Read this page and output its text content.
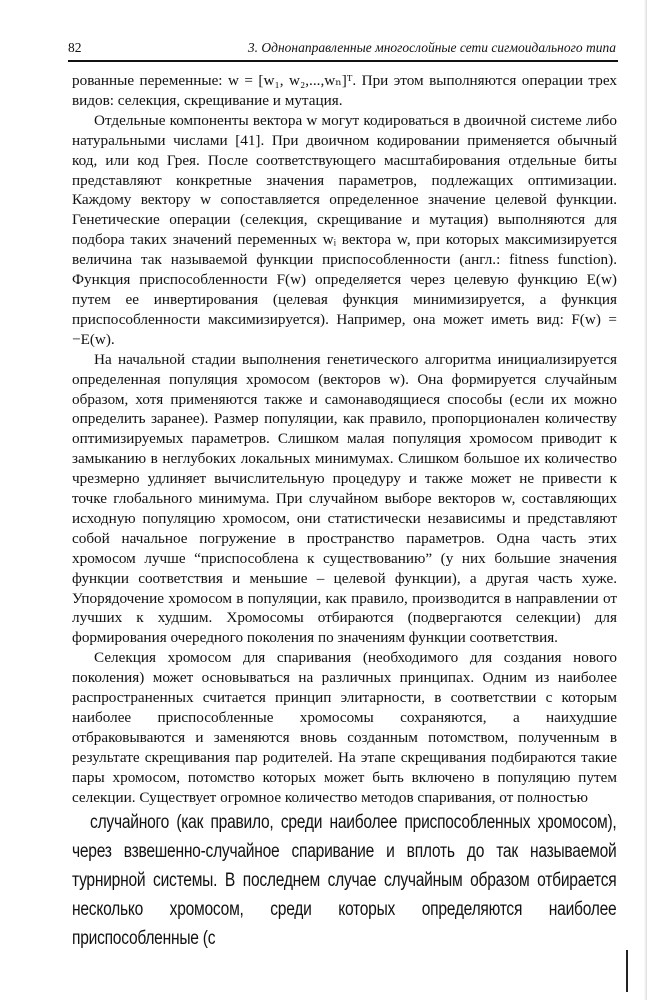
82	3. Однонаправленные многослойные сети сигмоидального типа

рованные переменные: w = [w₁, w₂,...,wₙ]ᵀ. При этом выполняются операции трех видов: селекция, скрещивание и мутация.

Отдельные компоненты вектора w могут кодироваться в двоичной системе либо натуральными числами [41]. При двоичном кодировании применяется обычный код, или код Грея. После соответствующего масштабирования отдельные биты представляют конкретные значения параметров, подлежащих оптимизации. Каждому вектору w сопоставляется определенное значение целевой функции. Генетические операции (селекция, скрещивание и мутация) выполняются для подбора таких значений переменных wᵢ вектора w, при которых максимизируется величина так называемой функции приспособленности (англ.: fitness function). Функция приспособленности F(w) определяется через целевую функцию E(w) путем ее инвертирования (целевая функция минимизируется, а функция приспособленности максимизируется). Например, она может иметь вид: F(w) = −E(w).

На начальной стадии выполнения генетического алгоритма инициализируется определенная популяция хромосом (векторов w). Она формируется случайным образом, хотя применяются также и самонаводящиеся способы (если их можно определить заранее). Размер популяции, как правило, пропорционален количеству оптимизируемых параметров. Слишком малая популяция хромосом приводит к замыканию в неглубоких локальных минимумах. Слишком большое их количество чрезмерно удлиняет вычислительную процедуру и также может не привести к точке глобального минимума. При случайном выборе векторов w, составляющих исходную популяцию хромосом, они статистически независимы и представляют собой начальное погружение в пространство параметров. Одна часть этих хромосом лучше “приспособлена к существованию” (у них большие значения функции соответствия и меньшие – целевой функции), а другая часть хуже. Упорядочение хромосом в популяции, как правило, производится в направлении от лучших к худшим. Хромосомы отбираются (подвергаются селекции) для формирования очередного поколения по значениям функции соответствия.

Селекция хромосом для спаривания (необходимого для создания нового поколения) может основываться на различных принципах. Одним из наиболее распространенных считается принцип элитарности, в соответствии с которым наиболее приспособленные хромосомы сохраняются, а наихудшие отбраковываются и заменяются вновь созданным потомством, полученным в результате скрещивания пар родителей. На этапе скрещивания подбираются такие пары хромосом, потомство которых может быть включено в популяцию путем селекции. Существует огромное количество методов спаривания, от полностью
случайного (как правило, среди наиболее приспособленных хромосом), через взвешенно-случайное спаривание и вплоть до так называемой турнирной системы. В последнем случае случайным образом отбирается несколько хромосом, среди которых определяются наиболее приспособленные (с
